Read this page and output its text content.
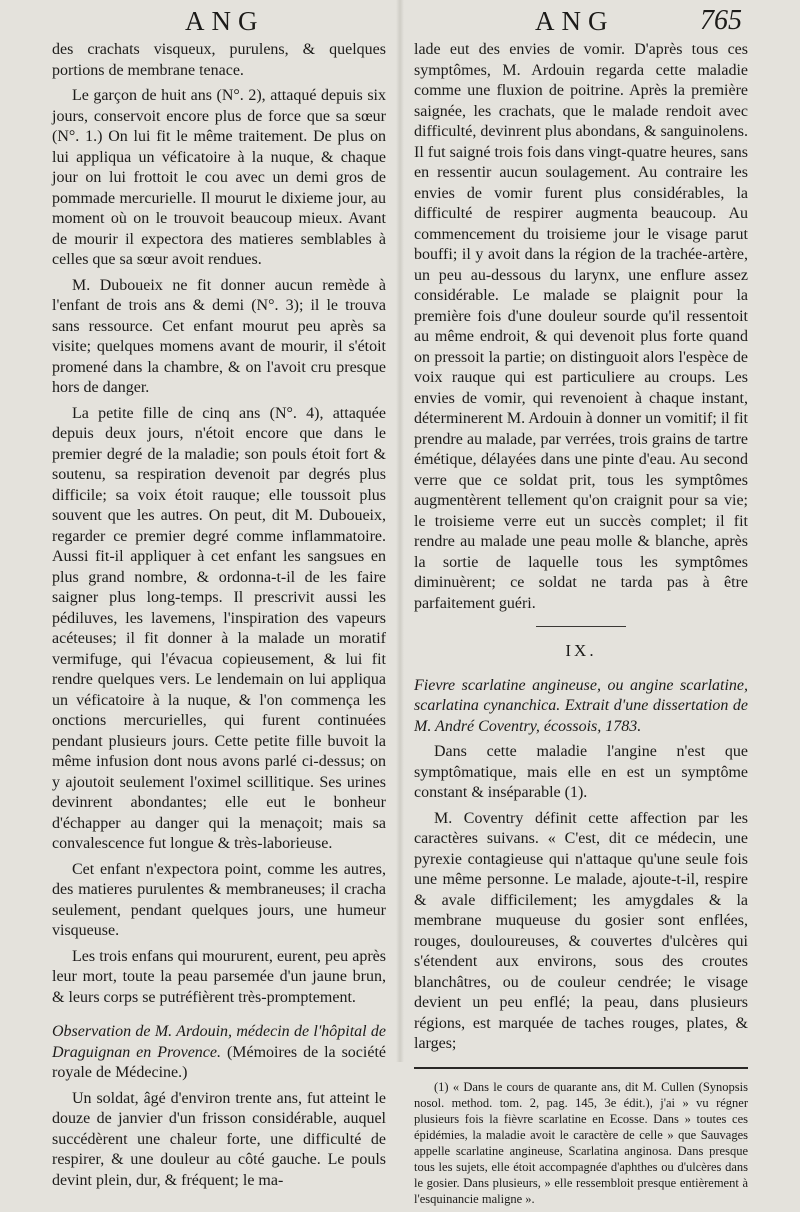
ANG	ANG	765

des crachats visqueux, purulens, & quelques portions de membrane tenace.

Le garçon de huit ans (N°. 2), attaqué depuis six jours, conservoit encore plus de force que sa sœur (N°. 1.) On lui fit le même traitement. De plus on lui appliqua un véficatoire à la nuque, & chaque jour on lui frottoit le cou avec un demi gros de pommade mercurielle. Il mourut le dixieme jour, au moment où on le trouvoit beaucoup mieux. Avant de mourir il expectora des matieres semblables à celles que sa sœur avoit rendues.

M. Duboueix ne fit donner aucun remède à l'enfant de trois ans & demi (N°. 3); il le trouva sans ressource. Cet enfant mourut peu après sa visite; quelques momens avant de mourir, il s'étoit promené dans la chambre, & on l'avoit cru presque hors de danger.

La petite fille de cinq ans (N°. 4), attaquée depuis deux jours, n'étoit encore que dans le premier degré de la maladie; son pouls étoit fort & soutenu, sa respiration devenoit par degrés plus difficile; sa voix étoit rauque; elle toussoit plus souvent que les autres. On peut, dit M. Duboueix, regarder ce premier degré comme inflammatoire. Aussi fit-il appliquer à cet enfant les sangsues en plus grand nombre, & ordonna-t-il de les faire saigner plus long-temps. Il prescrivit aussi les pédiluves, les lavemens, l'inspiration des vapeurs acéteuses; il fit donner à la malade un moratif vermifuge, qui l'évacua copieusement, & lui fit rendre quelques vers. Le lendemain on lui appliqua un véficatoire à la nuque, & l'on commença les onctions mercurielles, qui furent continuées pendant plusieurs jours. Cette petite fille buvoit la même infusion dont nous avons parlé ci-dessus; on y ajoutoit seulement l'oximel scillitique. Ses urines devinrent abondantes; elle eut le bonheur d'échapper au danger qui la menaçoit; mais sa convalescence fut longue & très-laborieuse.

Cet enfant n'expectora point, comme les autres, des matieres purulentes & membraneuses; il cracha seulement, pendant quelques jours, une humeur visqueuse.

Les trois enfans qui moururent, eurent, peu après leur mort, toute la peau parsemée d'un jaune brun, & leurs corps se putréfièrent très-promptement.

Observation de M. Ardouin, médecin de l'hôpital de Draguignan en Provence. (Mémoires de la société royale de Médecine.)

Un soldat, âgé d'environ trente ans, fut atteint le douze de janvier d'un frisson considérable, auquel succédèrent une chaleur forte, une difficulté de respirer, & une douleur au côté gauche. Le pouls devint plein, dur, & fréquent; le ma-

lade eut des envies de vomir. D'après tous ces symptômes, M. Ardouin regarda cette maladie comme une fluxion de poitrine. Après la première saignée, les crachats, que le malade rendoit avec difficulté, devinrent plus abondans, & sanguinolens. Il fut saigné trois fois dans vingt-quatre heures, sans en ressentir aucun soulagement. Au contraire les envies de vomir furent plus considérables, la difficulté de respirer augmenta beaucoup. Au commencement du troisieme jour le visage parut bouffi; il y avoit dans la région de la trachée-artère, un peu au-dessous du larynx, une enflure assez considérable. Le malade se plaignit pour la première fois d'une douleur sourde qu'il ressentoit au même endroit, & qui devenoit plus forte quand on pressoit la partie; on distinguoit alors l'espèce de voix rauque qui est particuliere au croups. Les envies de vomir, qui revenoient à chaque instant, déterminerent M. Ardouin à donner un vomitif; il fit prendre au malade, par verrées, trois grains de tartre émétique, délayées dans une pinte d'eau. Au second verre que ce soldat prit, tous les symptômes augmentèrent tellement qu'on craignit pour sa vie; le troisieme verre eut un succès complet; il fit rendre au malade une peau molle & blanche, après la sortie de laquelle tous les symptômes diminuèrent; ce soldat ne tarda pas à être parfaitement guéri.

IX.

Fievre scarlatine angineuse, ou angine scarlatine, scarlatina cynanchica. Extrait d'une dissertation de M. André Coventry, écossois, 1783.

Dans cette maladie l'angine n'est que symptômatique, mais elle en est un symptôme constant & inséparable (1).

M. Coventry définit cette affection par les caractères suivans. « C'est, dit ce médecin, une pyrexie contagieuse qui n'attaque qu'une seule fois une même personne. Le malade, ajoute-t-il, respire & avale difficilement; les amygdales & la membrane muqueuse du gosier sont enflées, rouges, douloureuses, & couvertes d'ulcères qui s'étendent aux environs, sous des croutes blanchâtres, ou de couleur cendrée; le visage devient un peu enflé; la peau, dans plusieurs régions, est marquée de taches rouges, plates, & larges;

(1) « Dans le cours de quarante ans, dit M. Cullen (Synopsis nosol. method. tom. 2, pag. 145, 3e édit.), j'ai » vu régner plusieurs fois la fièvre scarlatine en Ecosse. Dans » toutes ces épidémies, la maladie avoit le caractère de celle » que Sauvages appelle scarlatine angineuse, Scarlatina anginosa. Dans presque tous les sujets, elle étoit accompagnée d'aphthes ou d'ulcères dans le gosier. Dans plusieurs, » elle ressembloit presque entièrement à l'esquinancie maligne ».
